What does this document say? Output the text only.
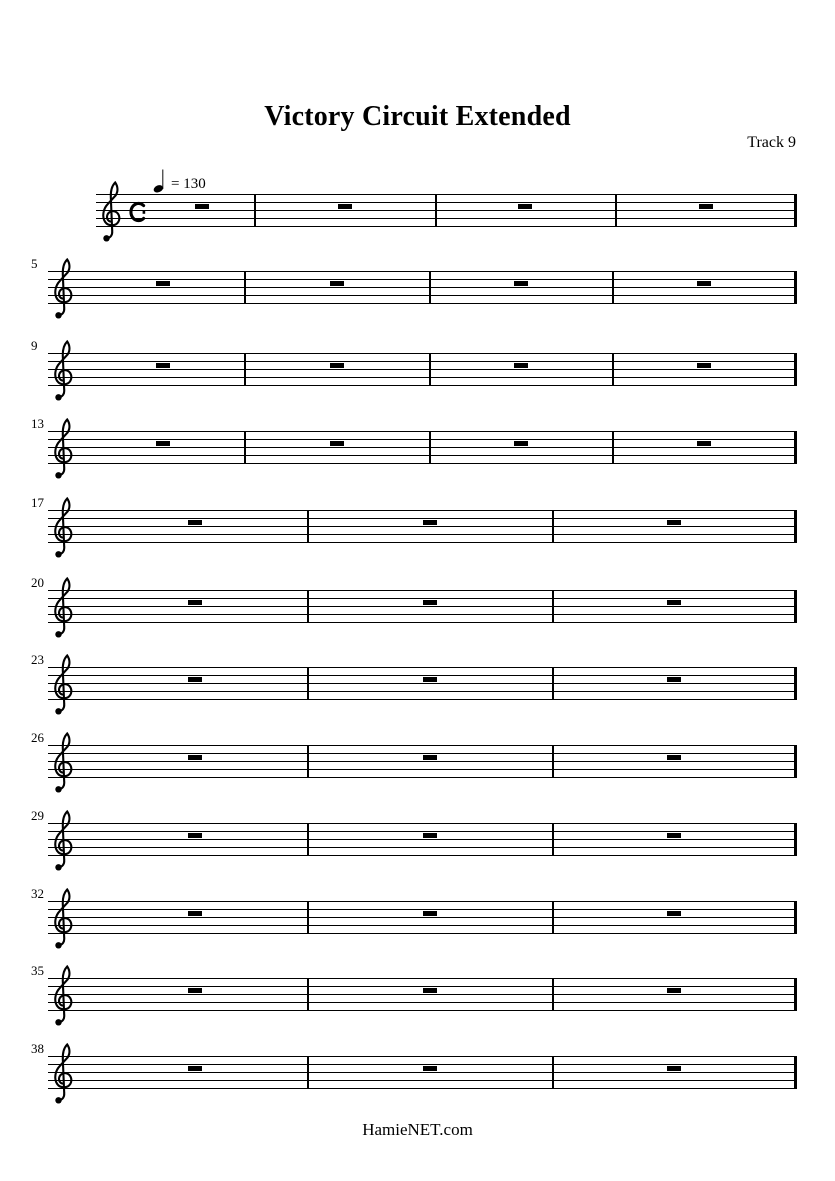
Victory Circuit Extended
Track 9
= 130
5
9
13
17
20
23
26
29
32
35
38
HamieNET.com
